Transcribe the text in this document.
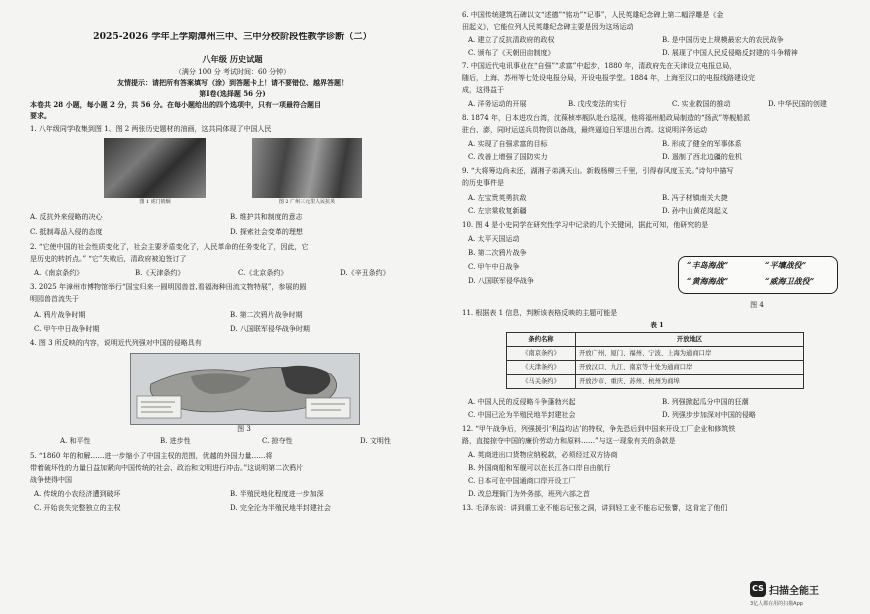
2025-2026 学年上学期漳州三中、三中分校阶段性教学诊断（二）
八年级 历史试题
（满分 100 分 考试时间：60 分钟）
友情提示：请把所有答案填写（涂）到答题卡上！请不要错位、越界答题！
第Ⅰ卷(选择题 56 分)
本卷共 28 小题，每小题 2 分，共 56 分。在每小题给出的四个选项中，只有一项最符合题目
要求。
1. 八年级同学收集到图 1、图 2 两张历史题材的油画，这共同体现了中国人民
图 1 虎门销烟	图 2 广州三元里人民抗英
A. 反抗外来侵略的决心	B. 维护共和制度的意志
C. 抵制毒品入侵的态度	D. 探索社会变革的理想
2. “它使中国的社会性质变化了，社会主要矛盾变化了，人民革命的任务变化了，因此，它
是历史的转折点。” “它”失败后，清政府被迫签订了
A.《南京条约》	B.《天津条约》	C.《北京条约》	D.《辛丑条约》
3. 2025 年漳州市博物馆举行“国宝归来一圆明园兽首,看福海种田流文物特展”，参展的圆
明园兽首流失于
A. 鸦片战争时期	B. 第二次鸦片战争时期
C. 甲午中日战争时期	D. 八国联军侵华战争时期
4. 图 3 所反映的内容，说明近代列强对中国的侵略具有
图 3
A. 和平性	B. 进步性	C. 掠夺性	D. 文明性
5. “1860 年的和解……进一步缩小了中国主权的范围，优越的外国力量……将
带着破坏性的力量日益加紧向中国传统的社会、政治和文明进行冲击。”这说明第二次鸦片
战争使得中国
A. 传统的小农经济遭到破坏	B. 半殖民地化程度进一步加深
C. 开始丧失完整独立的主权	D. 完全沦为半殖民地半封建社会
6. 中国传统建筑石碑以文“述德”“铭功”“记事”，人民英雄纪念碑上第二幅浮雕是《金
田起义》，它能位列人民英雄纪念碑主要是因为这场运动
A. 建立了反抗清政府的政权	B. 是中国历史上规模最宏大的农民战争
C. 颁布了《天朝田亩制度》	D. 展现了中国人民反侵略反封建的斗争精神
7. 中国近代电讯事业在“自强”“求富”中起步，1880 年，清政府先在天津设立电报总局，
随后，上海、苏州等七处设电报分局，开设电报学堂。1884 年，上海至汉口的电报线路建设完
成，这得益于
A. 洋务运动的开展	B. 戊戌变法的实行	C. 实业救国的推动	D. 中华民国的创建
8. 1874 年，日本进攻台湾，沈葆桢率舰队赴台巡视，他将福州船政局制造的“扬武”等舰船派
驻台、澎，同时运送兵员物资以备战，最终逼迫日军退出台湾。这说明洋务运动
A. 实现了自强求富的目标	B. 形成了健全的军事体系
C. 改善上增强了国防实力	D. 遏制了西北边疆的危机
9. “大将筹边尚未还，湖湘子弟满天山。新栽杨柳三千里，引得春风度玉关。”诗句中描写
的历史事件是
A. 左宝贵英勇抗敌	B. 冯子材镇南关大捷
C. 左宗棠收复新疆	D. 孙中山黄花岗起义
10. 图 4 是小史同学在研究性学习中记录的几个关键词，据此可知，他研究的是
A. 太平天国运动
B. 第二次鸦片战争
C. 甲午中日战争
D. 八国联军侵华战争
“丰岛海战”	“平壤战役”
“黄海海战”	“威海卫战役”
图 4
11. 根据表 1 信息，判断该表格反映的主题可能是
表 1
条约名称	开放地区
《南京条约》	开放广州、厦门、福州、宁波、上海为通商口岸
《天津条约》	开放汉口、九江、南京等十处为通商口岸
《马关条约》	开放沙市、重庆、苏州、杭州为商埠
A. 中国人民的反侵略斗争蓬勃兴起	B. 列强掀起瓜分中国的狂潮
C. 中国已沦为半殖民地半封建社会	D. 列强步步加深对中国的侵略
12. “甲午战争后，列强援引‘利益均沾’的特权，争先恐后到中国来开设工厂企业和修筑铁
路，直接掠夺中国的廉价劳动力和原料……”与这一现象有关的条款是
A. 英商进出口货物应纳税款，必须经过双方协商
B. 外国商船和军舰可以在长江各口岸自由航行
C. 日本可在中国通商口岸开设工厂
D. 改总理衙门为外务部，班列六部之首
13. 毛泽东说：讲到重工业不能忘记张之洞，讲到轻工业不能忘记张謇，这肯定了他们
CS 扫描全能王
3亿人都在用的扫描App
